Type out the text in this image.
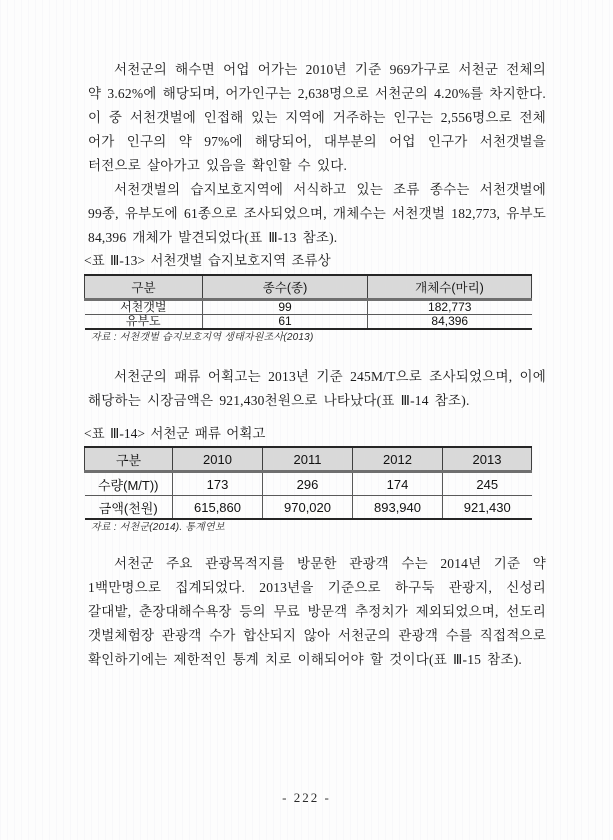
서천군의 해수면 어업 어가는 2010년 기준 969가구로 서천군 전체의 약 3.62%에 해당되며, 어가인구는 2,638명으로 서천군의 4.20%를 차지한다. 이 중 서천갯벌에 인접해 있는 지역에 거주하는 인구는 2,556명으로 전체 어가 인구의 약 97%에 해당되어, 대부분의 어업 인구가 서천갯벌을 터전으로 살아가고 있음을 확인할 수 있다.

서천갯벌의 습지보호지역에 서식하고 있는 조류 종수는 서천갯벌에 99종, 유부도에 61종으로 조사되었으며, 개체수는 서천갯벌 182,773, 유부도 84,396 개체가 발견되었다(표 Ⅲ-13 참조).

<표 Ⅲ-13> 서천갯벌 습지보호지역 조류상

구분	종수(종)	개체수(마리)
서천갯벌	99	182,773
유부도	61	84,396

자료 : 서천갯벌 습지보호지역 생태자원조사(2013)

서천군의 패류 어획고는 2013년 기준 245M/T으로 조사되었으며, 이에 해당하는 시장금액은 921,430천원으로 나타났다(표 Ⅲ-14 참조).

<표 Ⅲ-14> 서천군 패류 어획고

구분	2010	2011	2012	2013
수량(M/T))	173	296	174	245
금액(천원)	615,860	970,020	893,940	921,430

자료 : 서천군(2014). 통계연보

서천군 주요 관광목적지를 방문한 관광객 수는 2014년 기준 약 1백만명으로 집계되었다. 2013년을 기준으로 하구둑 관광지, 신성리 갈대밭, 춘장대해수욕장 등의 무료 방문객 추정치가 제외되었으며, 선도리 갯벌체험장 관광객 수가 합산되지 않아 서천군의 관광객 수를 직접적으로 확인하기에는 제한적인 통계 치로 이해되어야 할 것이다(표 Ⅲ-15 참조).

- 222 -
